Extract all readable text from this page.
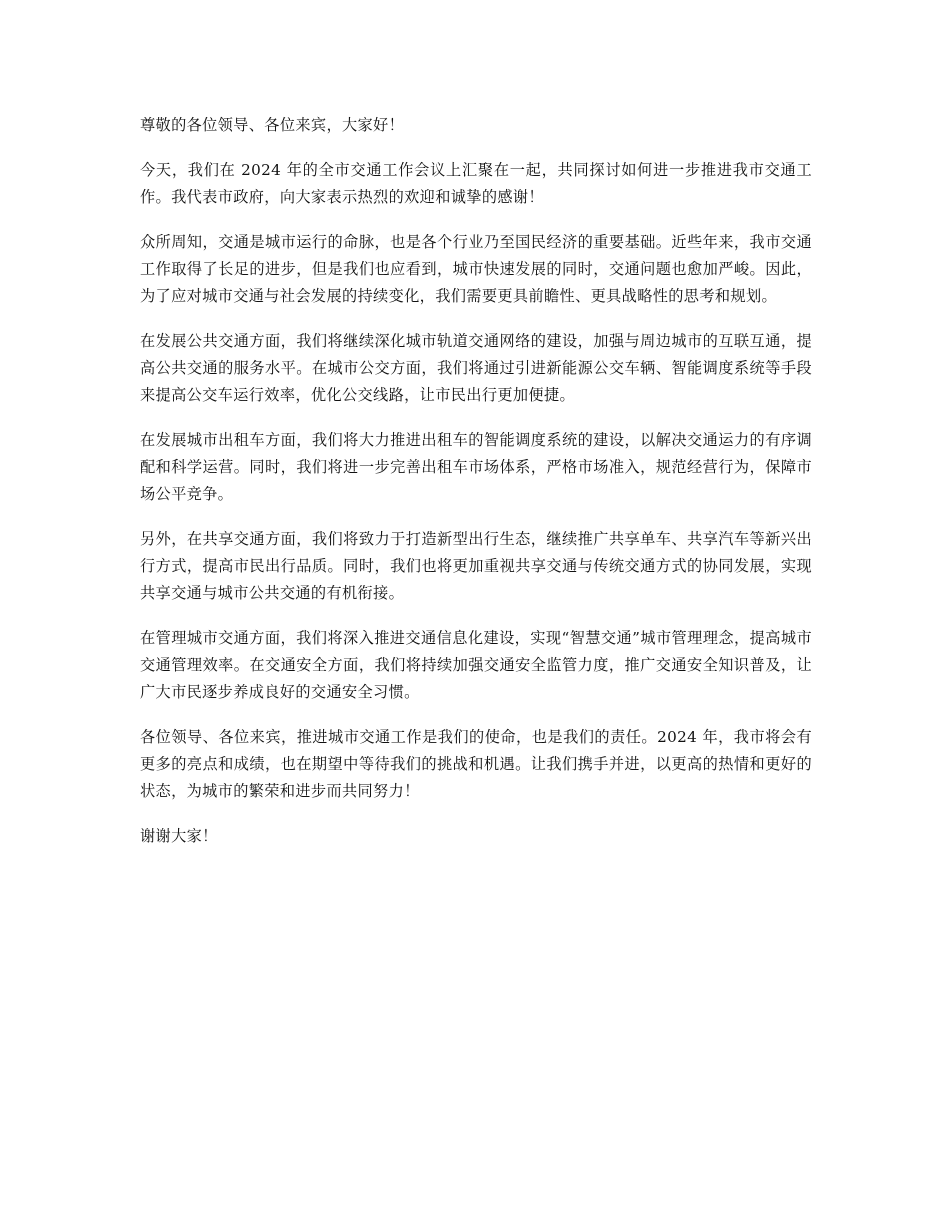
尊敬的各位领导、各位来宾，大家好！

今天，我们在 2024 年的全市交通工作会议上汇聚在一起，共同探讨如何进一步推进我市交通工作。我代表市政府，向大家表示热烈的欢迎和诚挚的感谢！

众所周知，交通是城市运行的命脉，也是各个行业乃至国民经济的重要基础。近些年来，我市交通工作取得了长足的进步，但是我们也应看到，城市快速发展的同时，交通问题也愈加严峻。因此，为了应对城市交通与社会发展的持续变化，我们需要更具前瞻性、更具战略性的思考和规划。

在发展公共交通方面，我们将继续深化城市轨道交通网络的建设，加强与周边城市的互联互通，提高公共交通的服务水平。在城市公交方面，我们将通过引进新能源公交车辆、智能调度系统等手段来提高公交车运行效率，优化公交线路，让市民出行更加便捷。

在发展城市出租车方面，我们将大力推进出租车的智能调度系统的建设，以解决交通运力的有序调配和科学运营。同时，我们将进一步完善出租车市场体系，严格市场准入，规范经营行为，保障市场公平竞争。

另外，在共享交通方面，我们将致力于打造新型出行生态，继续推广共享单车、共享汽车等新兴出行方式，提高市民出行品质。同时，我们也将更加重视共享交通与传统交通方式的协同发展，实现共享交通与城市公共交通的有机衔接。

在管理城市交通方面，我们将深入推进交通信息化建设，实现“智慧交通”城市管理理念，提高城市交通管理效率。在交通安全方面，我们将持续加强交通安全监管力度，推广交通安全知识普及，让广大市民逐步养成良好的交通安全习惯。

各位领导、各位来宾，推进城市交通工作是我们的使命，也是我们的责任。2024 年，我市将会有更多的亮点和成绩，也在期望中等待我们的挑战和机遇。让我们携手并进，以更高的热情和更好的状态，为城市的繁荣和进步而共同努力！

谢谢大家！
